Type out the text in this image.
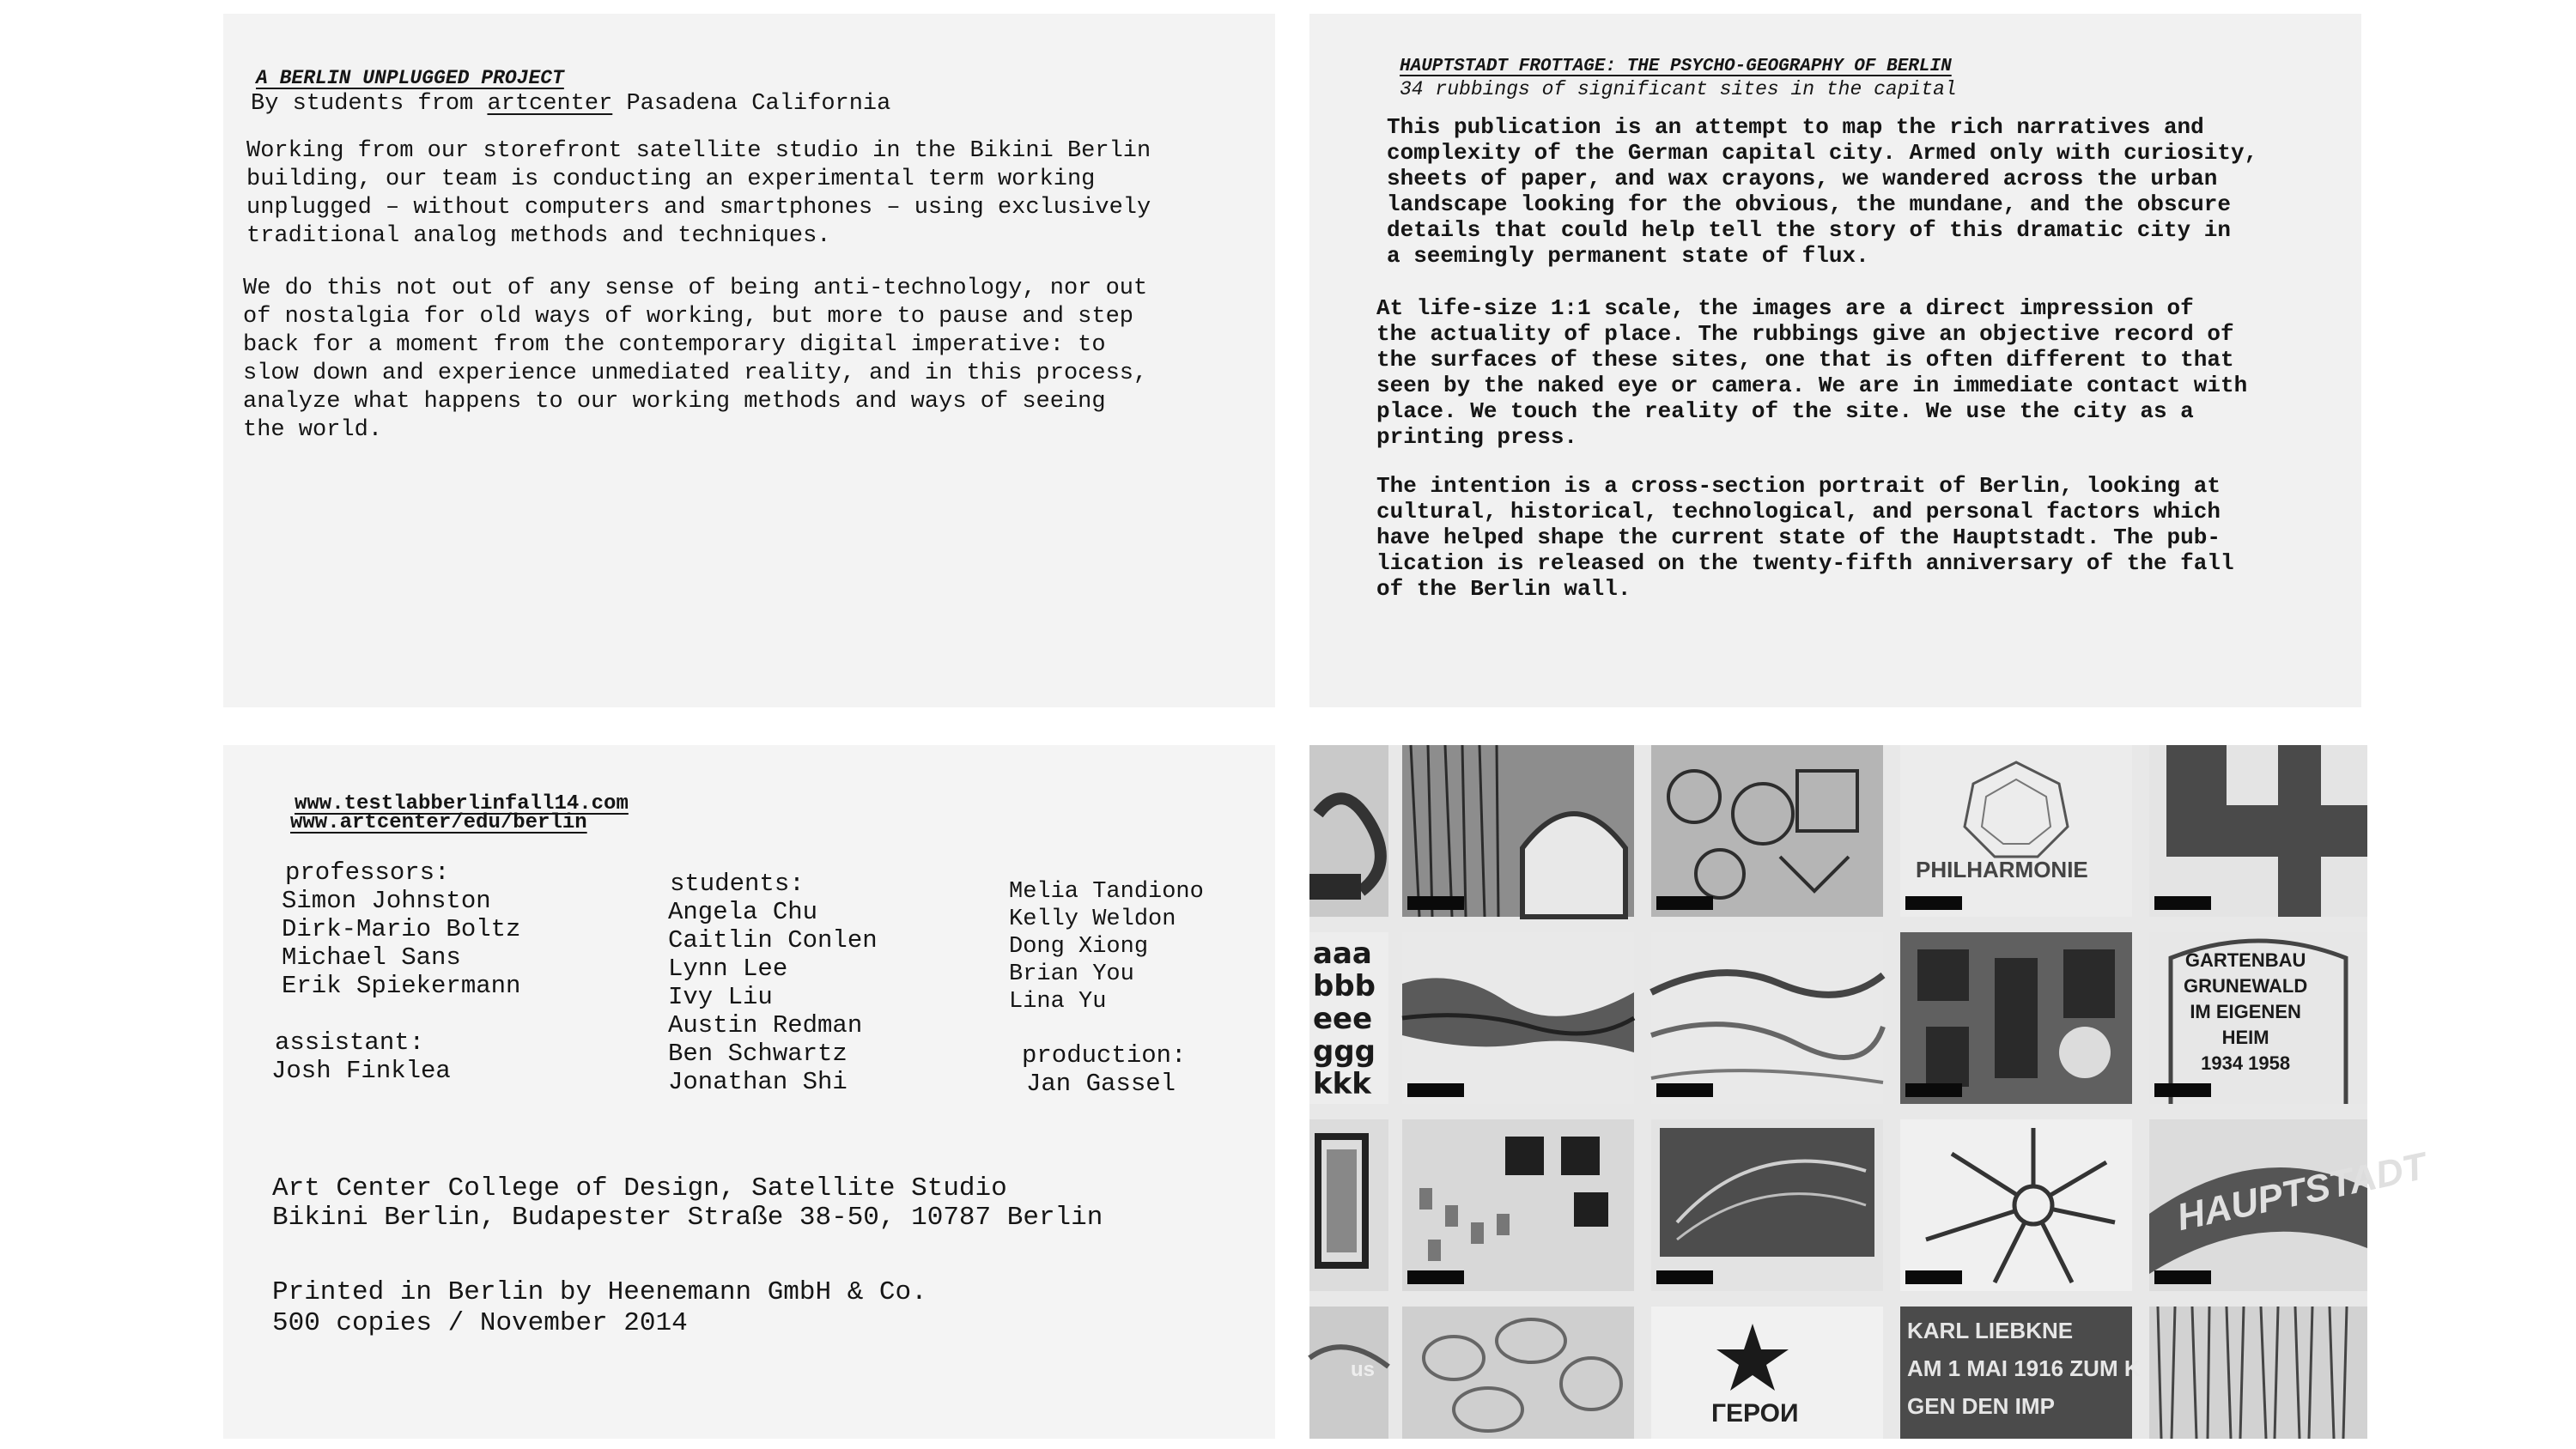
A BERLIN UNPLUGGED PROJECT
By students from artcenter Pasadena California
Working from our storefront satellite studio in the Bikini Berlin
building, our team is conducting an experimental term working
unplugged – without computers and smartphones – using exclusively
traditional analog methods and techniques.
We do this not out of any sense of being anti-technology, nor out
of nostalgia for old ways of working, but more to pause and step
back for a moment from the contemporary digital imperative: to
slow down and experience unmediated reality, and in this process,
analyze what happens to our working methods and ways of seeing
the world.
HAUPTSTADT FROTTAGE: THE PSYCHO-GEOGRAPHY OF BERLIN
34 rubbings of significant sites in the capital
This publication is an attempt to map the rich narratives and
complexity of the German capital city. Armed only with curiosity,
sheets of paper, and wax crayons, we wandered across the urban
landscape looking for the obvious, the mundane, and the obscure
details that could help tell the story of this dramatic city in
a seemingly permanent state of flux.
At life-size 1:1 scale, the images are a direct impression of
the actuality of place. The rubbings give an objective record of
the surfaces of these sites, one that is often different to that
seen by the naked eye or camera. We are in immediate contact with
place. We touch the reality of the site. We use the city as a
printing press.
The intention is a cross-section portrait of Berlin, looking at
cultural, historical, technological, and personal factors which
have helped shape the current state of the Hauptstadt. The pub-
lication is released on the twenty-fifth anniversary of the fall
of the Berlin wall.
www.testlabberlinfall14.com
www.artcenter/edu/berlin
professors:
Simon Johnston
Dirk-Mario Boltz
Michael Sans
Erik Spiekermann
assistant:
Josh Finklea
students:
Angela Chu
Caitlin Conlen
Lynn Lee
Ivy Liu
Austin Redman
Ben Schwartz
Jonathan Shi
Melia Tandiono
Kelly Weldon
Dong Xiong
Brian You
Lina Yu
production:
Jan Gassel
Art Center College of Design, Satellite Studio
Bikini Berlin, Budapester Straße 38-50, 10787 Berlin
Printed in Berlin by Heenemann GmbH & Co.
500 copies / November 2014
PHILHARMONIE
aaa
bbb
eee
ggg
kkk
GARTENBAU
GRUNEWALD
IM EIGENEN
HEIM
1934 1958
HAUPTSTADT
us
ГЕРОИ
KARL LIEBKNE
AM 1 MAI 1916 ZUM K
GEN DEN IMP
